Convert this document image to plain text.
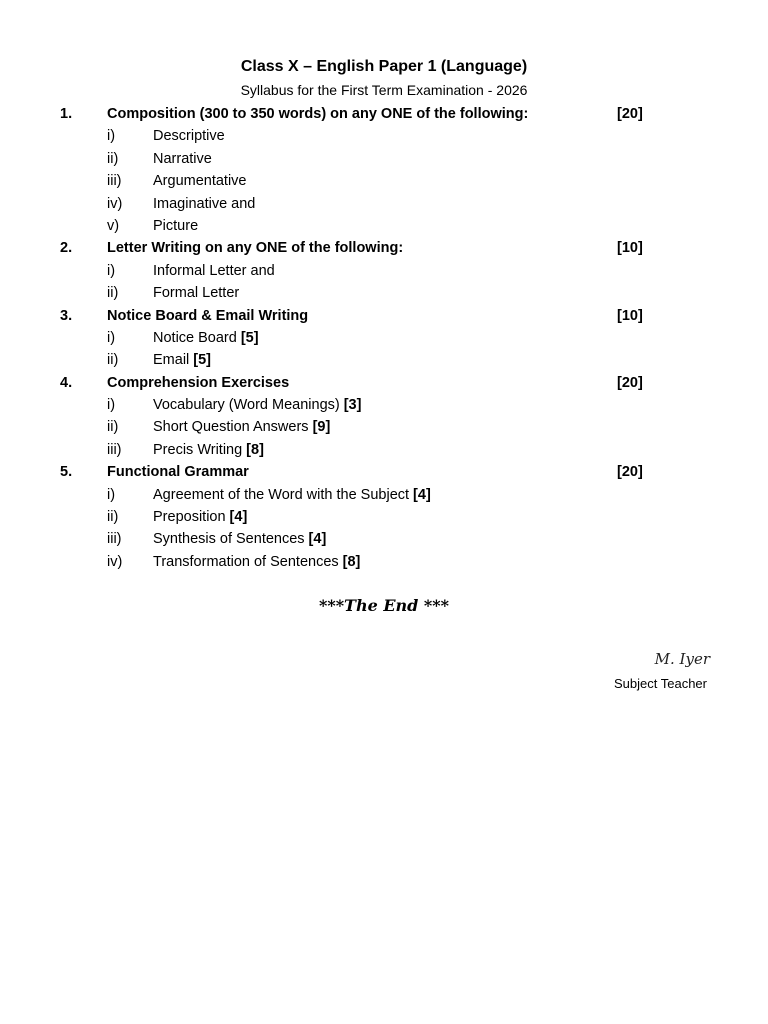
Class X – English Paper 1 (Language)
Syllabus for the First Term Examination - 2026
1. Composition (300 to 350 words) on any ONE of the following:	[20]
i)	Descriptive
ii) Narrative
iii) Argumentative
iv) Imaginative and
v) Picture
2. Letter Writing on any ONE of the following:	[10]
i)	Informal Letter and
ii) Formal Letter
3. Notice Board & Email Writing	[10]
i)	Notice Board [5]
ii) Email [5]
4. Comprehension Exercises	[20]
i)	Vocabulary (Word Meanings) [3]
ii) Short Question Answers [9]
iii) Precis Writing [8]
5. Functional Grammar	[20]
i)	Agreement of the Word with the Subject [4]
ii) Preposition [4]
iii) Synthesis of Sentences [4]
iv) Transformation of Sentences [8]
***The End ***
M. Iyer
Subject Teacher
